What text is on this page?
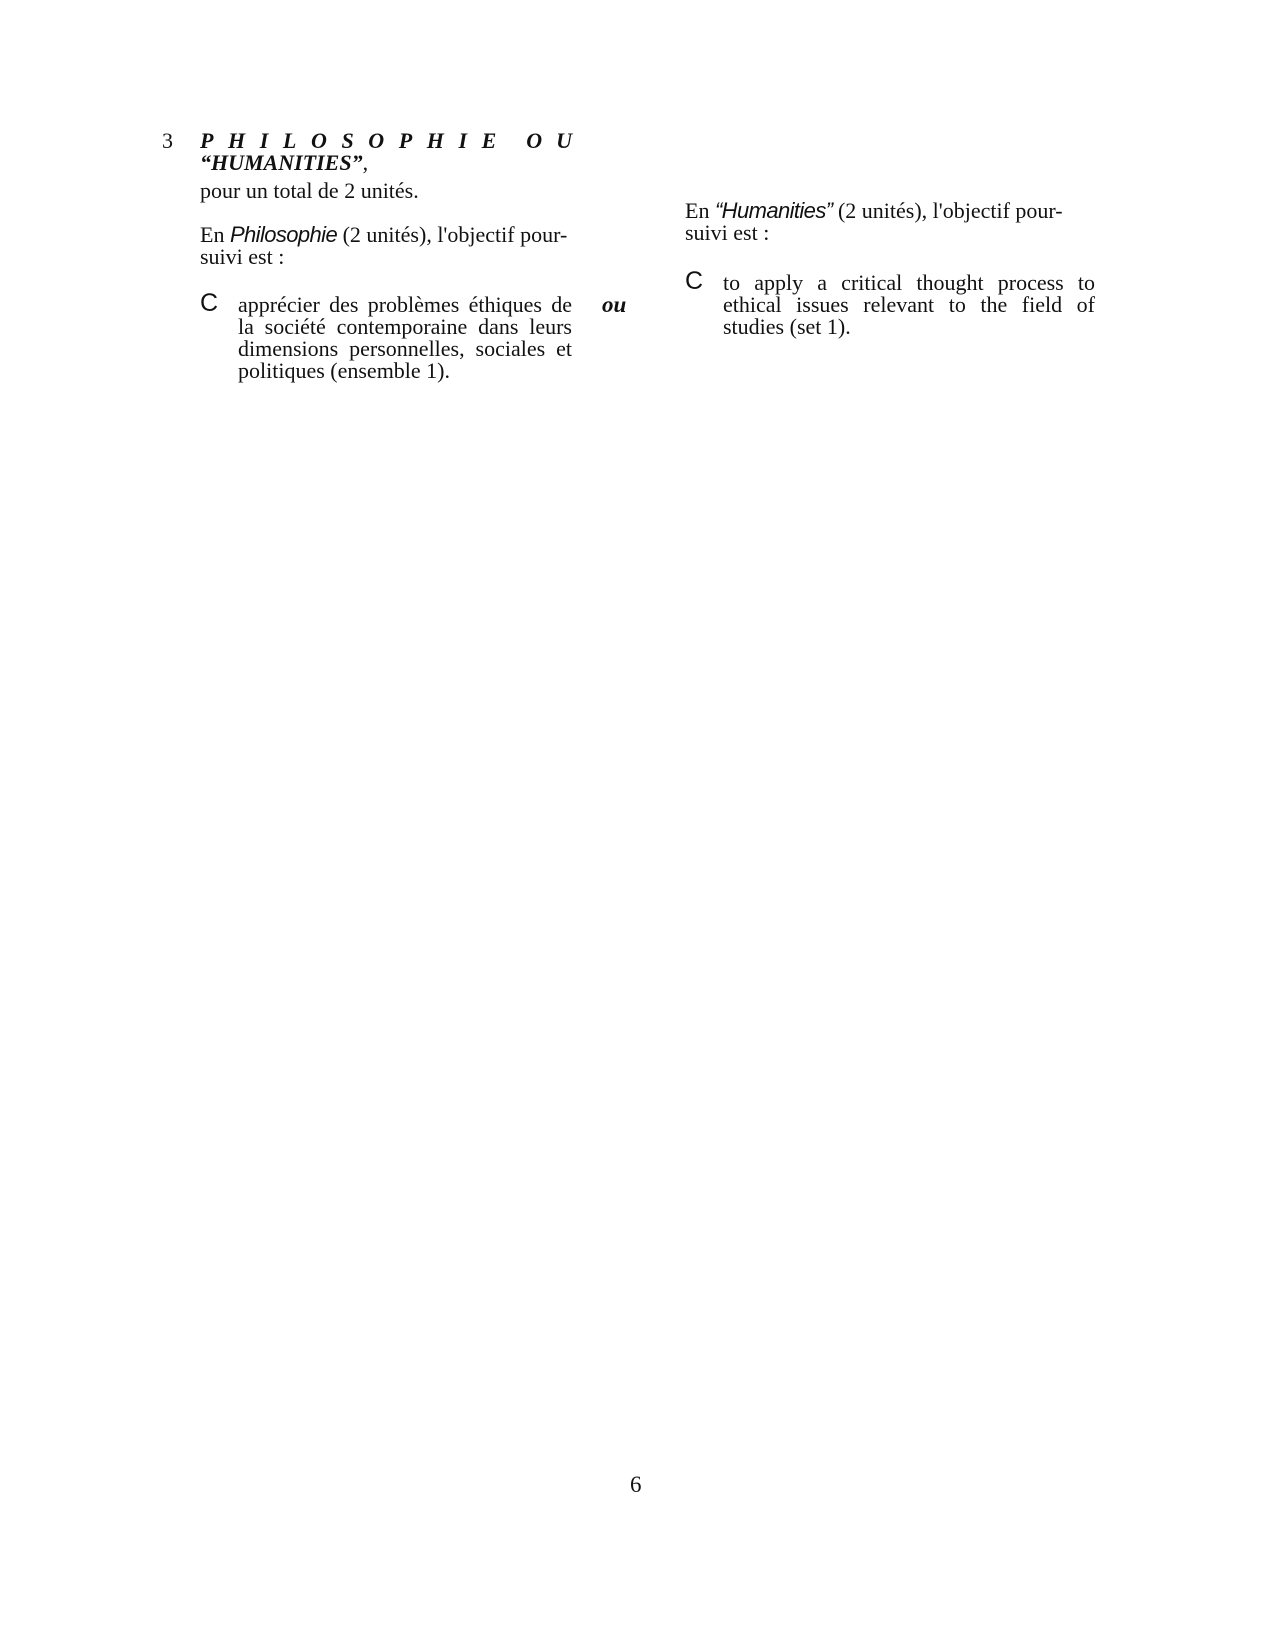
3 PHILOSOPHIE OU
“HUMANITIES”,
pour un total de 2 unités.
En Philosophie (2 unités), l'objectif pour-
suivi est :
C apprécier des problèmes éthiques de
la société contemporaine dans leurs
dimensions personnelles, sociales et
politiques (ensemble 1).
ou
En “Humanities” (2 unités), l'objectif pour-
suivi est :
C to apply a critical thought process to
ethical issues relevant to the field of
studies (set 1).
6
